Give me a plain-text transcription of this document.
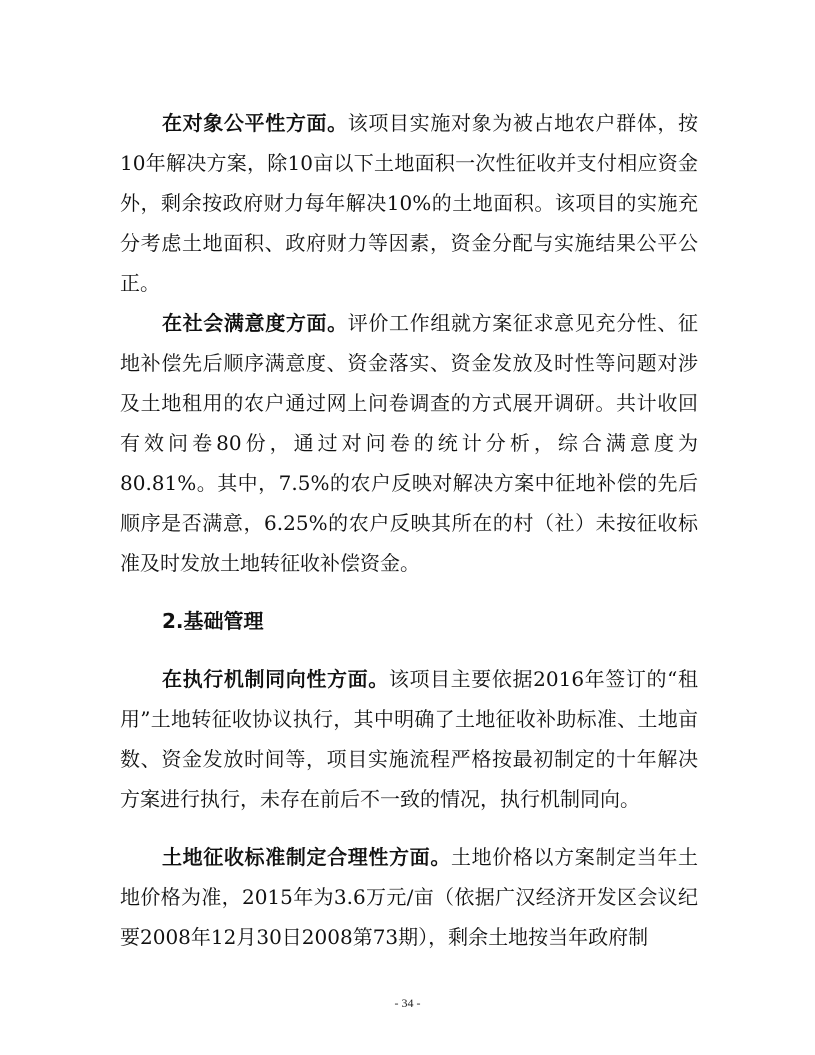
在对象公平性方面。该项目实施对象为被占地农户群体，按10年解决方案，除10亩以下土地面积一次性征收并支付相应资金外，剩余按政府财力每年解决10%的土地面积。该项目的实施充分考虑土地面积、政府财力等因素，资金分配与实施结果公平公正。

在社会满意度方面。评价工作组就方案征求意见充分性、征地补偿先后顺序满意度、资金落实、资金发放及时性等问题对涉及土地租用的农户通过网上问卷调查的方式展开调研。共计收回有效问卷80份，通过对问卷的统计分析，综合满意度为80.81%。其中，7.5%的农户反映对解决方案中征地补偿的先后顺序是否满意，6.25%的农户反映其所在的村（社）未按征收标准及时发放土地转征收补偿资金。

2.基础管理

在执行机制同向性方面。该项目主要依据2016年签订的“租用”土地转征收协议执行，其中明确了土地征收补助标准、土地亩数、资金发放时间等，项目实施流程严格按最初制定的十年解决方案进行执行，未存在前后不一致的情况，执行机制同向。

土地征收标准制定合理性方面。土地价格以方案制定当年土地价格为准，2015年为3.6万元/亩（依据广汉经济开发区会议纪要2008年12月30日2008第73期），剩余土地按当年政府制

- 34 -
